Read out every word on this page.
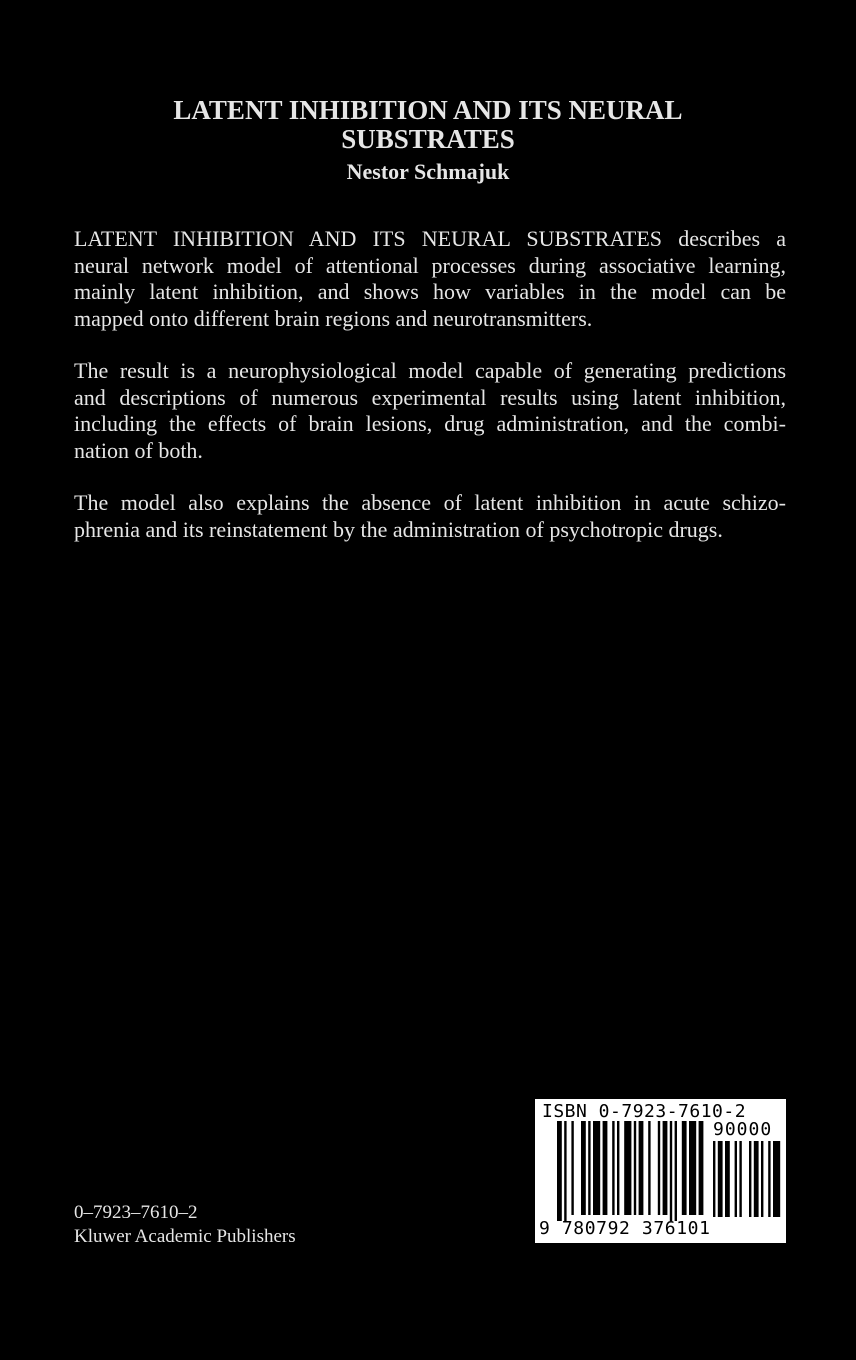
LATENT INHIBITION AND ITS NEURAL SUBSTRATES
Nestor Schmajuk

LATENT INHIBITION AND ITS NEURAL SUBSTRATES describes a
neural network model of attentional processes during associative learning,
mainly latent inhibition, and shows how variables in the model can be
mapped onto different brain regions and neurotransmitters.

The result is a neurophysiological model capable of generating predictions
and descriptions of numerous experimental results using latent inhibition,
including the effects of brain lesions, drug administration, and the combi-
nation of both.

The model also explains the absence of latent inhibition in acute schizo-
phrenia and its reinstatement by the administration of psychotropic drugs.

0–7923–7610–2
Kluwer Academic Publishers
ISBN 0-7923-7610-2
90000
9 780792 376101
